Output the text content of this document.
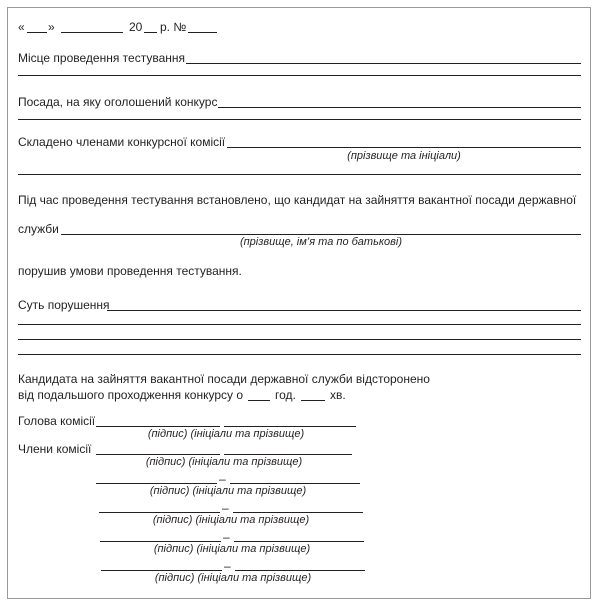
« »	20 р. №
Місце проведення тестування
Посада, на яку оголошений конкурс
Складено членами конкурсної комісії
(прізвище та ініціали)
Під час проведення тестування встановлено, що кандидат на зайняття вакантної посади державної
служби
(прізвище, ім’я та по батькові)
порушив умови проведення тестування.
Суть порушення
Кандидата на зайняття вакантної посади державної служби відсторонено
від подальшого проходження конкурсу о	год.	хв.
Голова комісії
(підпис) (ініціали та прізвище)
Члени комісії
(підпис) (ініціали та прізвище)
–
(підпис) (ініціали та прізвище)
–
(підпис) (ініціали та прізвище)
–
(підпис) (ініціали та прізвище)
–
(підпис) (ініціали та прізвище)
